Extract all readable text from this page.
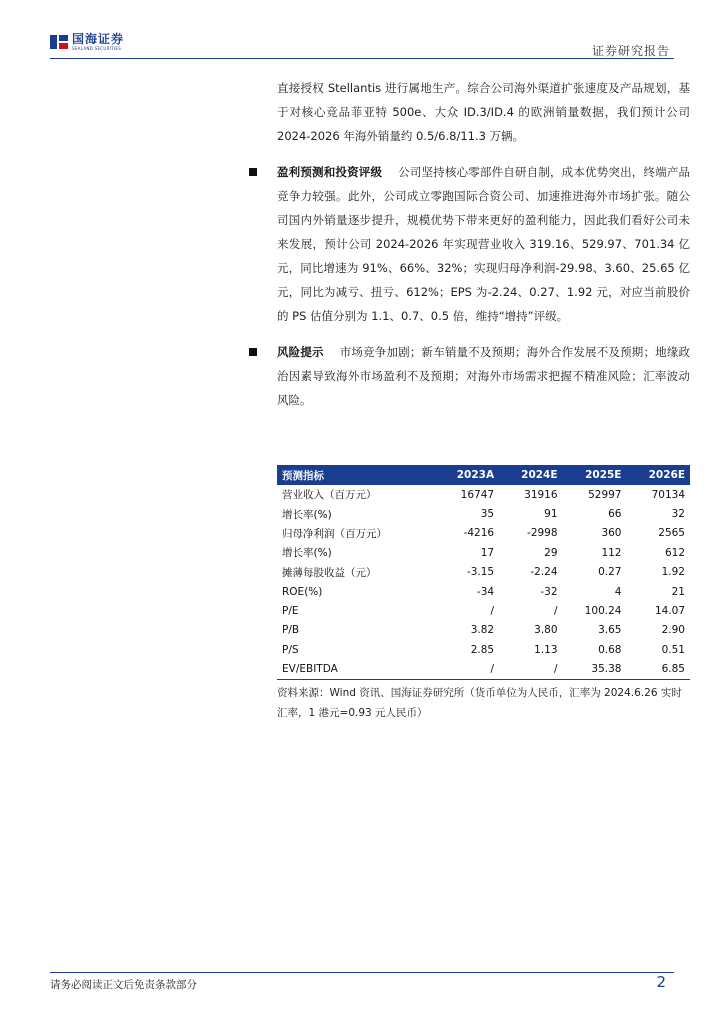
国海证券
SEALAND SECURITIES	证券研究报告

直接授权 Stellantis 进行属地生产。综合公司海外渠道扩张速度及产品规划，基于对核心竞品菲亚特 500e、大众 ID.3/ID.4 的欧洲销量数据，我们预计公司 2024-2026 年海外销量约 0.5/6.8/11.3 万辆。

盈利预测和投资评级 公司坚持核心零部件自研自制，成本优势突出，终端产品竞争力较强。此外，公司成立零跑国际合资公司、加速推进海外市场扩张。随公司国内外销量逐步提升，规模优势下带来更好的盈利能力，因此我们看好公司未来发展，预计公司 2024-2026 年实现营业收入 319.16、529.97、701.34 亿元，同比增速为 91%、66%、32%；实现归母净利润-29.98、3.60、25.65 亿元，同比为减亏、扭亏、612%；EPS 为-2.24、0.27、1.92 元，对应当前股价的 PS 估值分别为 1.1、0.7、0.5 倍，维持“增持”评级。

风险提示 市场竞争加剧；新车销量不及预期；海外合作发展不及预期；地缘政治因素导致海外市场盈利不及预期；对海外市场需求把握不精准风险；汇率波动风险。

预测指标	2023A	2024E	2025E	2026E
营业收入（百万元）	16747	31916	52997	70134
增长率(%)	35	91	66	32
归母净利润（百万元）	-4216	-2998	360	2565
增长率(%)	17	29	112	612
摊薄每股收益（元）	-3.15	-2.24	0.27	1.92
ROE(%)	-34	-32	4	21
P/E	/	/	100.24	14.07
P/B	3.82	3.80	3.65	2.90
P/S	2.85	1.13	0.68	0.51
EV/EBITDA	/	/	35.38	6.85
资料来源：Wind 资讯、国海证券研究所（货币单位为人民币，汇率为 2024.6.26 实时汇率，1 港元=0.93 元人民币）
请务必阅读正文后免责条款部分	2
